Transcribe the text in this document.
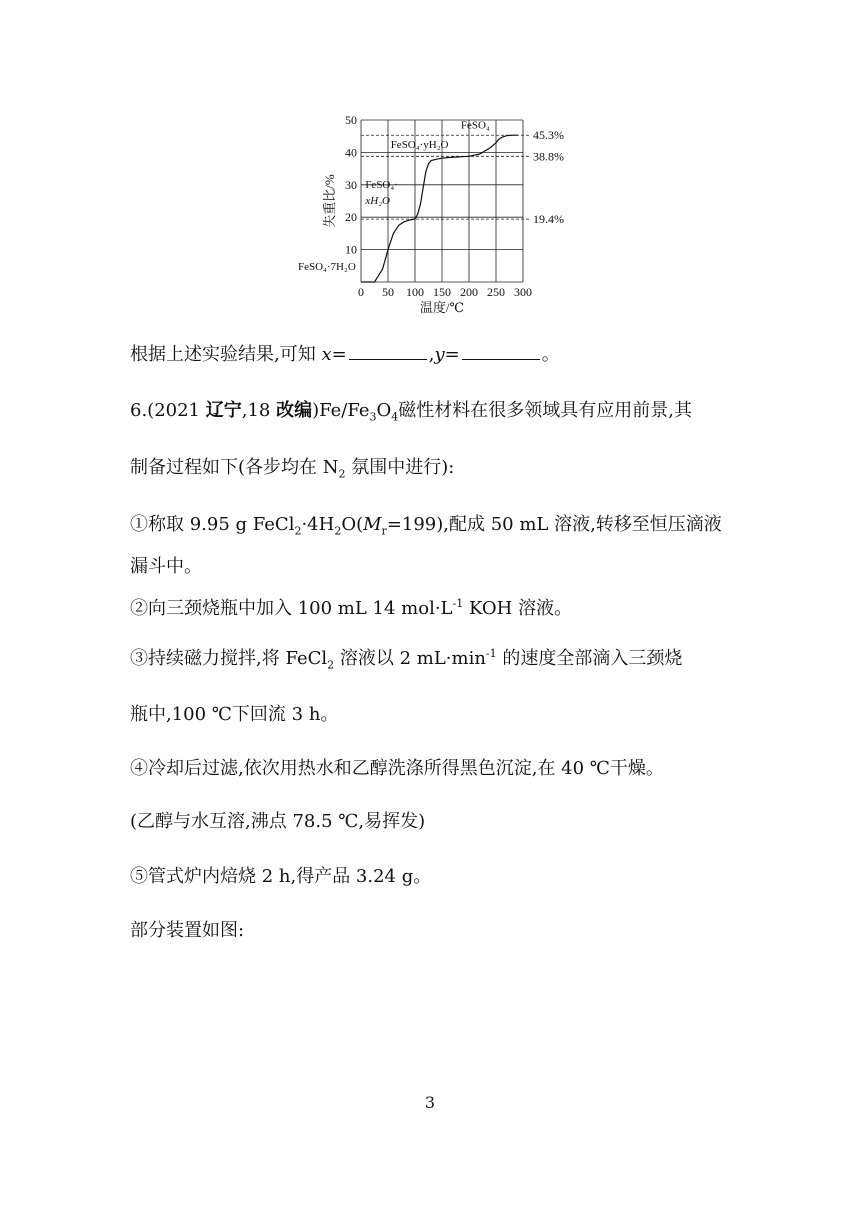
45.3%
38.8%
19.4%
0 50 100 150 200 250 300
10
20
30
40
50
失重比/%
温度/℃
FeSO₄·7H₂O
FeSO₄·
xH₂O
FeSO₄·yH₂O
FeSO₄
根据上述实验结果,可知 x=	,y=	。
6.(2021 辽宁,18 改编)$Fe/Fe_3O_4$磁性材料在很多领域具有应用前景,其
制备过程如下(各步均在 $N_2$ 氛围中进行):
①称取 9.95 g $FeCl_2\cdot 4H_2O(M_r=199)$,配成 50 mL 溶液,转移至恒压滴液
漏斗中。
②向三颈烧瓶中加入 100 mL 14 $mol\cdot L^{-1}$ KOH 溶液。
③持续磁力搅拌,将 FeCl$_2$ 溶液以 2 $mL\cdot\min^{-1}$ 的速度全部滴入三颈烧
瓶中,100 ℃下回流 3 h。
④冷却后过滤,依次用热水和乙醇洗涤所得黑色沉淀,在 40 ℃干燥。
(乙醇与水互溶,沸点 78.5 ℃,易挥发)
⑤管式炉内焙烧 2 h,得产品 3.24 g。
部分装置如图:
3
